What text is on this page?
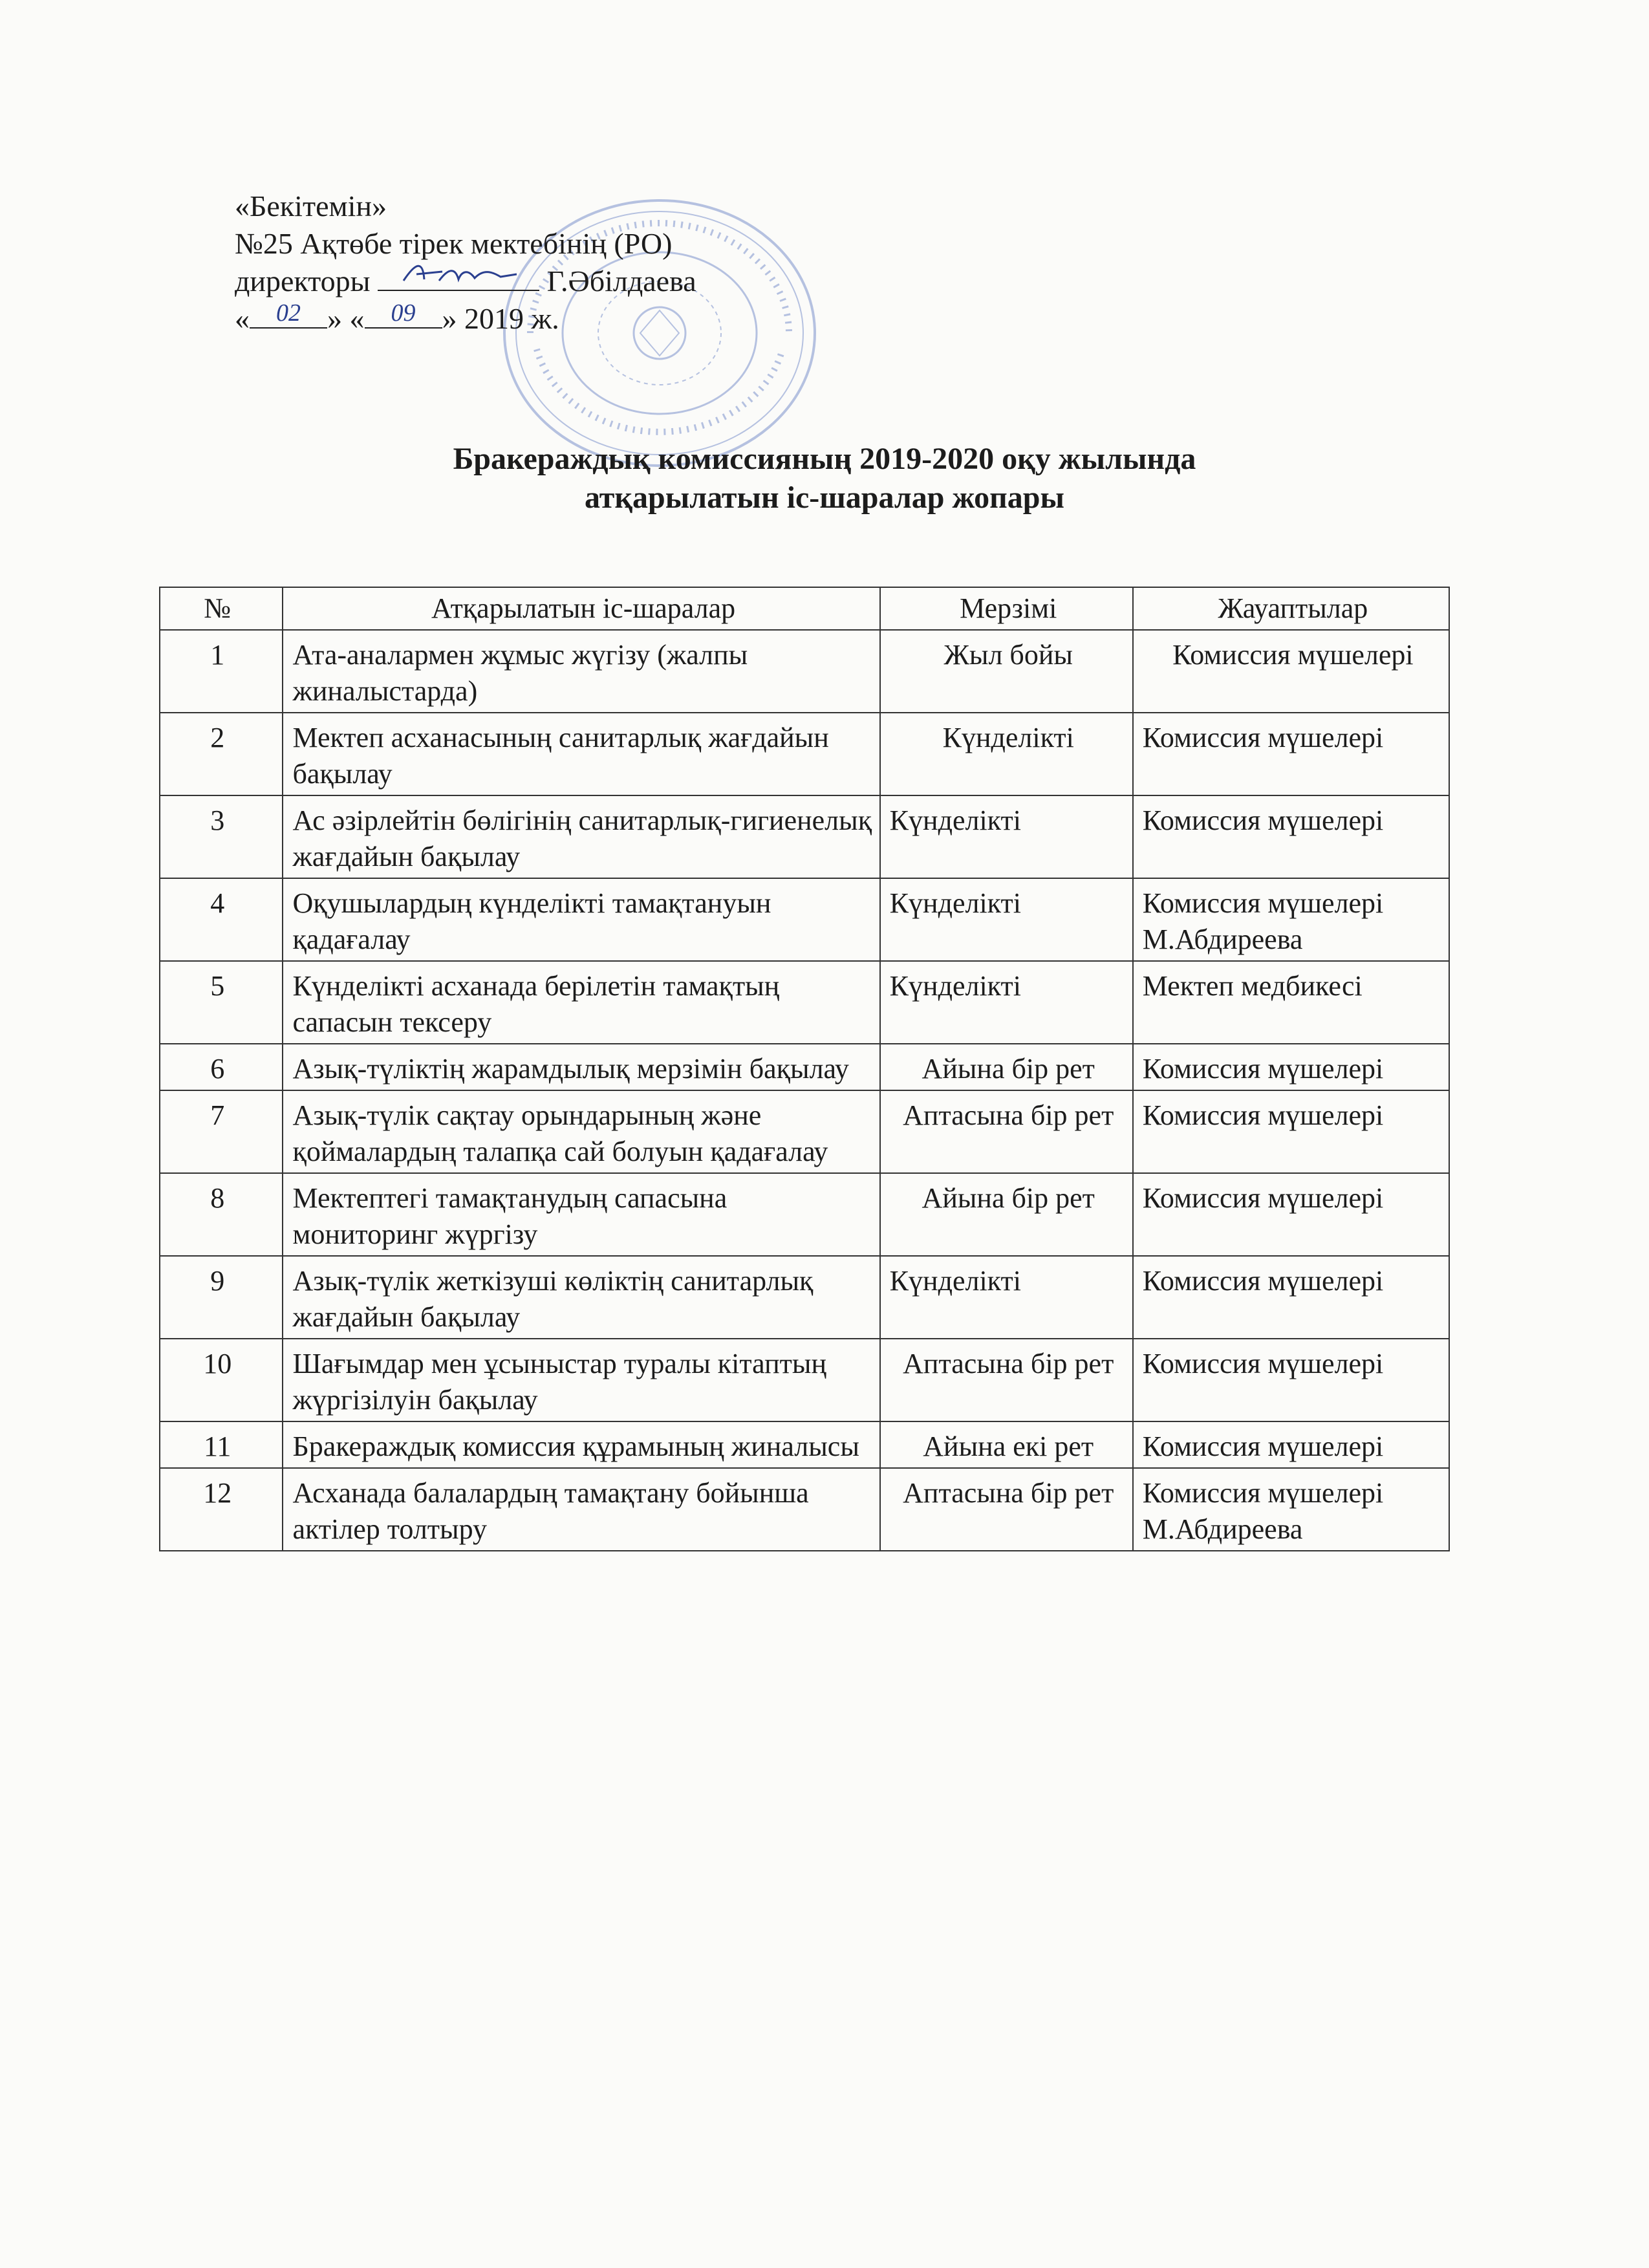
«Бекітемін»
№25 Ақтөбе тірек мектебінің (РО)
директоры	Г.Әбілдаева
«	02 » «	09 » 2019 ж.
Бракераждық комиссияның 2019-2020 оқу жылында
атқарылатын іс-шаралар жопары
№	Атқарылатын іс-шаралар	Мерзімі	Жауаптылар
1	Ата-аналармен жұмыс жүгізу (жалпы жиналыстарда)	Жыл бойы	Комиссия мүшелері
2	Мектеп асханасының санитарлық жағдайын бақылау	Күнделікті	Комиссия мүшелері
3	Ас әзірлейтін бөлігінің санитарлық-гигиенелық жағдайын бақылау	Күнделікті	Комиссия мүшелері
4	Оқушылардың күнделікті тамақтануын қадағалау	Күнделікті	Комиссия мүшелері М.Абдиреева
5	Күнделікті асханада берілетін тамақтың сапасын тексеру	Күнделікті	Мектеп медбикесі
6	Азық-түліктің жарамдылық мерзімін бақылау	Айына бір рет	Комиссия мүшелері
7	Азық-түлік сақтау орындарының және қоймалардың талапқа сай болуын қадағалау	Аптасына бір рет	Комиссия мүшелері
8	Мектептегі тамақтанудың сапасына мониторинг жүргізу	Айына бір рет	Комиссия мүшелері
9	Азық-түлік жеткізуші көліктің санитарлық жағдайын бақылау	Күнделікті	Комиссия мүшелері
10	Шағымдар мен ұсыныстар туралы кітаптың жүргізілуін бақылау	Аптасына бір рет	Комиссия мүшелері
11	Бракераждық комиссия құрамының жиналысы	Айына екі рет	Комиссия мүшелері
12	Асханада балалардың тамақтану бойынша актілер толтыру	Аптасына бір рет	Комиссия мүшелері М.Абдиреева
